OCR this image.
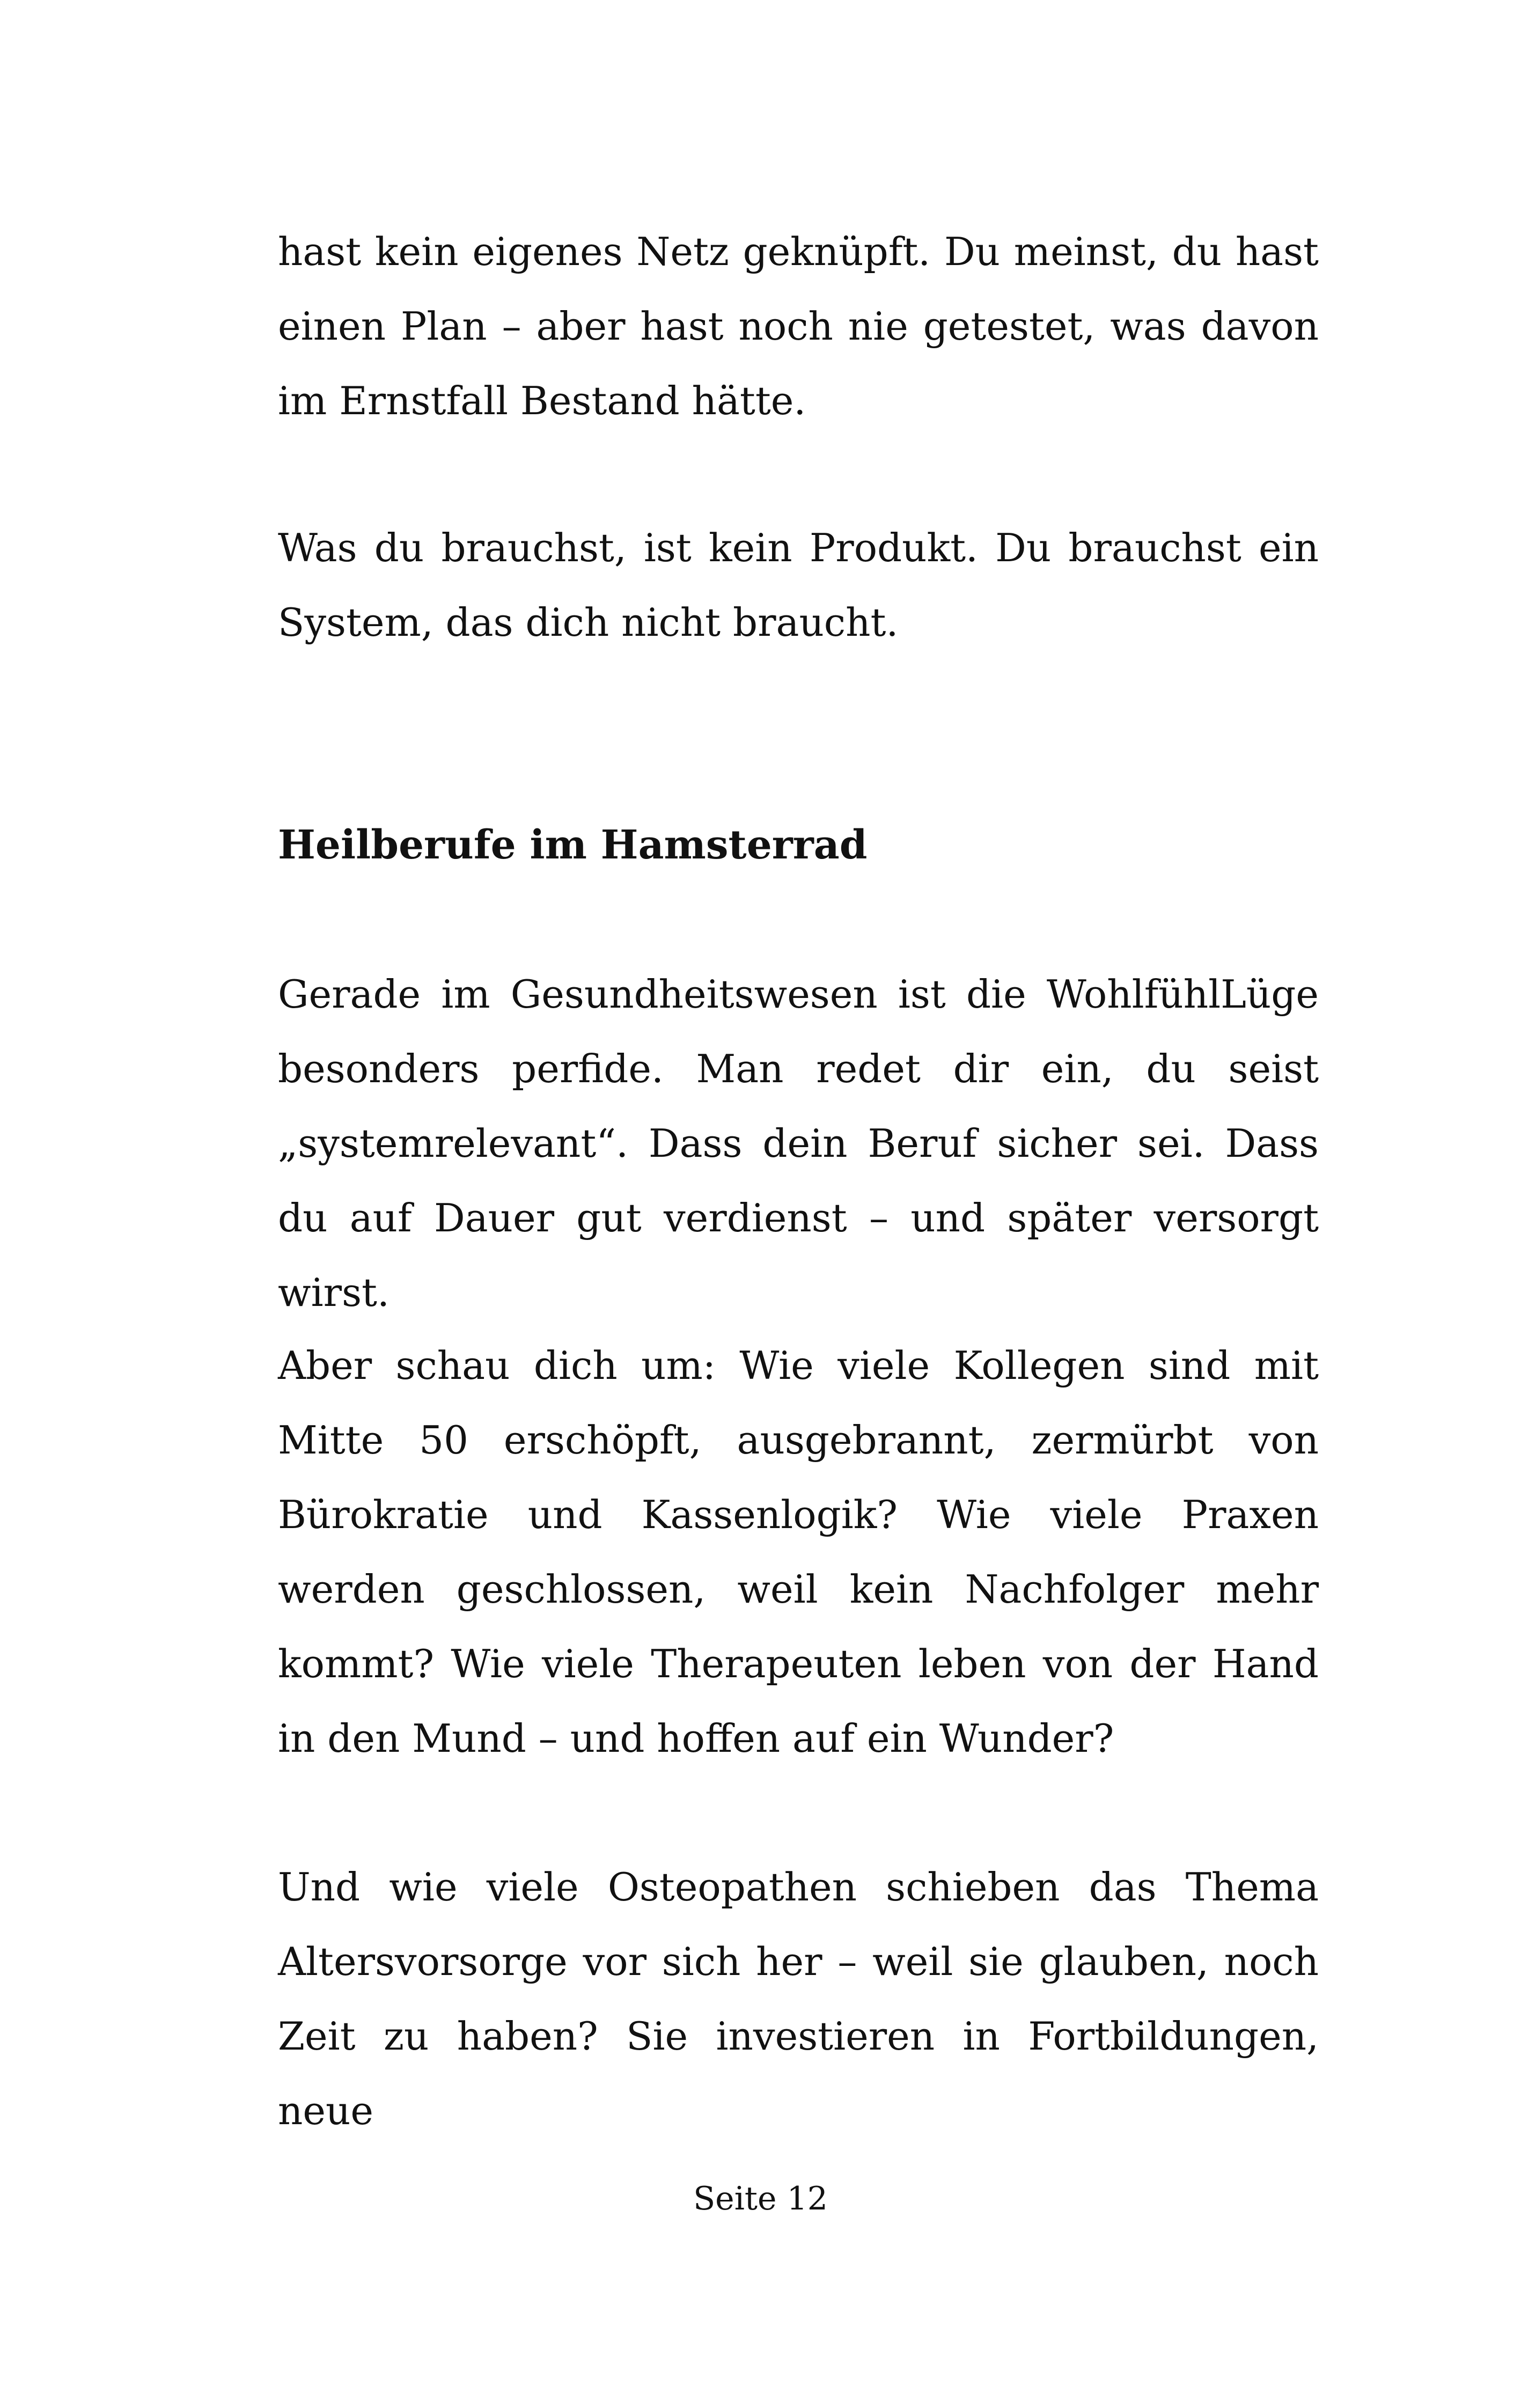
hast kein eigenes Netz geknüpft. Du meinst, du hast einen Plan – aber hast noch nie getestet, was davon im Ernstfall Bestand hätte.

Was du brauchst, ist kein Produkt. Du brauchst ein System, das dich nicht braucht.

Heilberufe im Hamsterrad

Gerade im Gesundheitswesen ist die WohlfühlLüge besonders perfide. Man redet dir ein, du seist „systemrelevant“. Dass dein Beruf sicher sei. Dass du auf Dauer gut verdienst – und später versorgt wirst.

Aber schau dich um: Wie viele Kollegen sind mit Mitte 50 erschöpft, ausgebrannt, zermürbt von Bürokratie und Kassenlogik? Wie viele Praxen werden geschlossen, weil kein Nachfolger mehr kommt? Wie viele Therapeuten leben von der Hand in den Mund – und hoffen auf ein Wunder?

Und wie viele Osteopathen schieben das Thema Altersvorsorge vor sich her – weil sie glauben, noch Zeit zu haben? Sie investieren in Fortbildungen, neue

Seite 12
